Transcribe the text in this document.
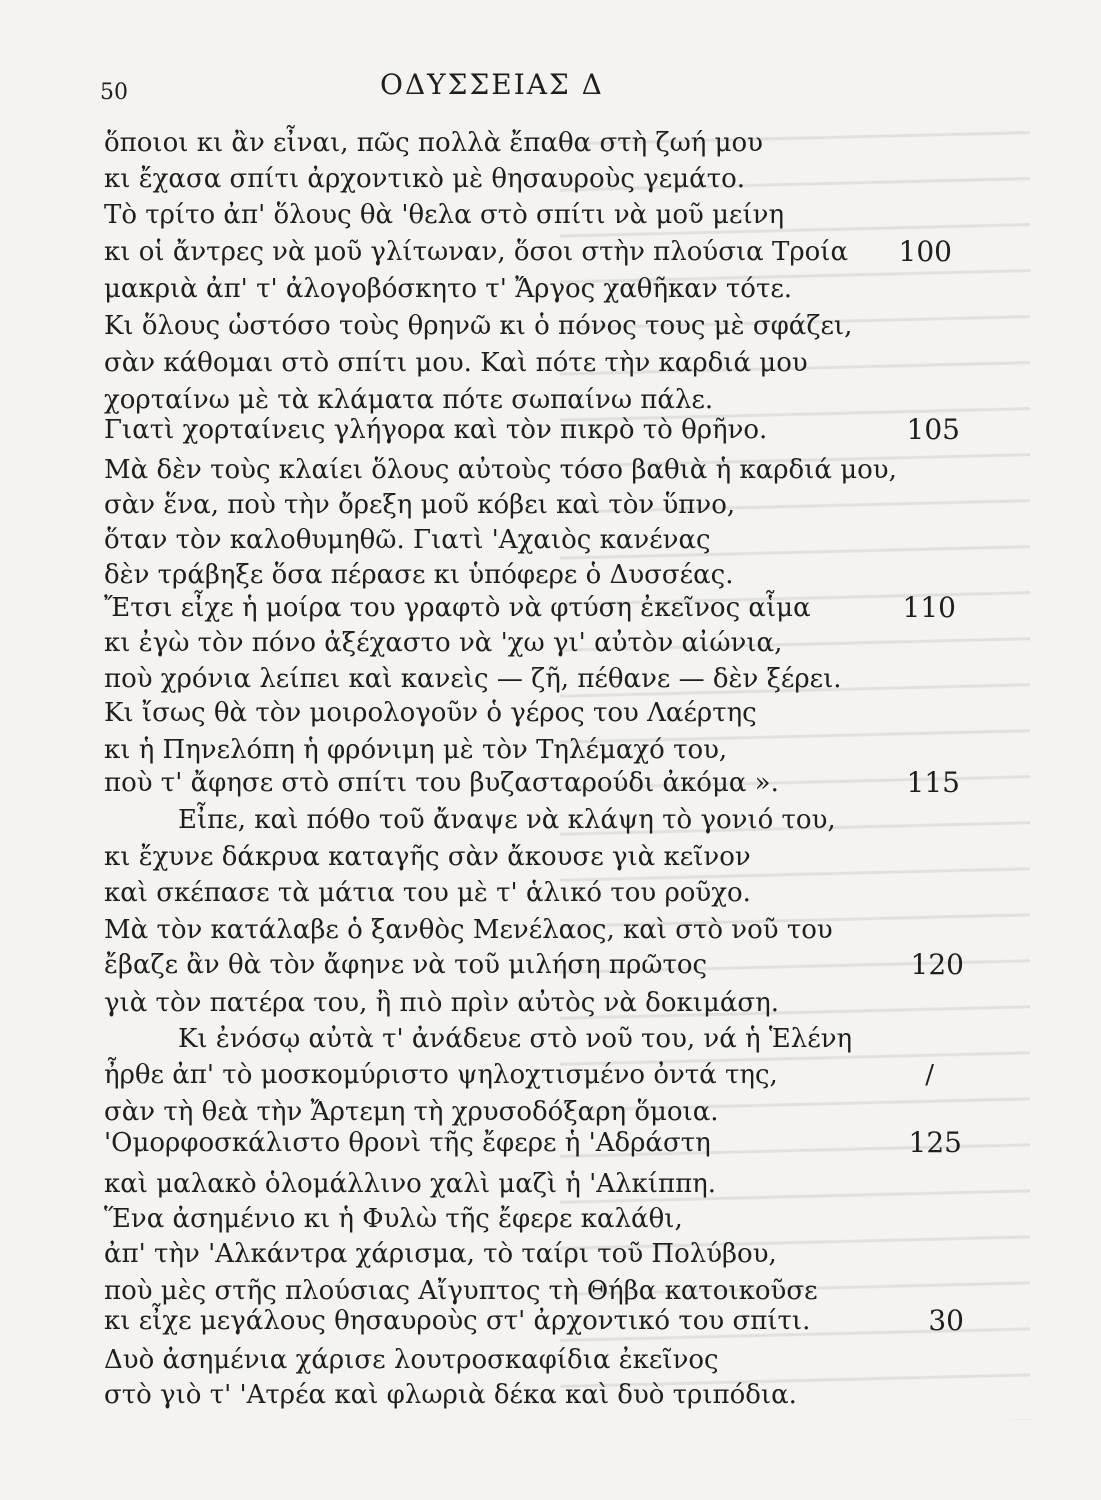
50	ΟΔΥΣΣΕΙΑΣ Δ
ὅποιοι κι ἂν εἶναι, πῶς πολλὰ ἔπαθα στὴ ζωή μου
κι ἔχασα σπίτι ἀρχοντικὸ μὲ θησαυροὺς γεμάτο.
Τὸ τρίτο ἀπ' ὅλους θὰ 'θελα στὸ σπίτι νὰ μοῦ μείνη
κι οἱ ἄντρες νὰ μοῦ γλίτωναν, ὅσοι στὴν πλούσια Τροία 100
μακριὰ ἀπ' τ' ἀλογοβόσκητο τ' Ἄργος χαθῆκαν τότε.
Κι ὅλους ὡστόσο τοὺς θρηνῶ κι ὁ πόνος τους μὲ σφάζει,
σὰν κάθομαι στὸ σπίτι μου. Καὶ πότε τὴν καρδιά μου
χορταίνω μὲ τὰ κλάματα πότε σωπαίνω πάλε.
Γιατὶ χορταίνεις γλήγορα καὶ τὸν πικρὸ τὸ θρῆνο.	105
Μὰ δὲν τοὺς κλαίει ὅλους αὐτοὺς τόσο βαθιὰ ἡ καρδιά μου,
σὰν ἕνα, ποὺ τὴν ὄρεξη μοῦ κόβει καὶ τὸν ὕπνο,
ὅταν τὸν καλοθυμηθῶ. Γιατὶ 'Αχαιὸς κανένας
δὲν τράβηξε ὅσα πέρασε κι ὑπόφερε ὁ Δυσσέας.
Ἔτσι εἶχε ἡ μοίρα του γραφτὸ νὰ φτύση ἐκεῖνος αἷμα	110
κι ἐγὼ τὸν πόνο ἀξέχαστο νὰ 'χω γι' αὐτὸν αἰώνια,
ποὺ χρόνια λείπει καὶ κανεὶς — ζῆ, πέθανε — δὲν ξέρει.
Κι ἴσως θὰ τὸν μοιρολογοῦν ὁ γέρος του Λαέρτης
κι ἡ Πηνελόπη ἡ φρόνιμη μὲ τὸν Τηλέμαχό του,
ποὺ τ' ἄφησε στὸ σπίτι του βυζασταρούδι ἀκόμα ».	115
Εἶπε, καὶ πόθο τοῦ ἄναψε νὰ κλάψη τὸ γονιό του,
κι ἔχυνε δάκρυα καταγῆς σὰν ἄκουσε γιὰ κεῖνον
καὶ σκέπασε τὰ μάτια του μὲ τ' ἁλικό του ροῦχο.
Μὰ τὸν κατάλαβε ὁ ξανθὸς Μενέλαος, καὶ στὸ νοῦ του
ἔβαζε ἂν θὰ τὸν ἄφηνε νὰ τοῦ μιλήση πρῶτος	120
γιὰ τὸν πατέρα του, ἢ πιὸ πρὶν αὐτὸς νὰ δοκιμάση.
Κι ἐνόσῳ αὐτὰ τ' ἀνάδευε στὸ νοῦ του, νά ἡ Ἑλένη
ἦρθε ἀπ' τὸ μοσκομύριστο ψηλοχτισμένο ὀντά της,	/
σὰν τὴ θεὰ τὴν Ἄρτεμη τὴ χρυσοδόξαρη ὅμοια.
'Ομορφοσκάλιστο θρονὶ τῆς ἔφερε ἡ 'Αδράστη	125
καὶ μαλακὸ ὁλομάλλινο χαλὶ μαζὶ ἡ 'Αλκίππη.
Ἕνα ἀσημένιο κι ἡ Φυλὼ τῆς ἔφερε καλάθι,
ἀπ' τὴν 'Αλκάντρα χάρισμα, τὸ ταίρι τοῦ Πολύβου,
ποὺ μὲς στῆς πλούσιας Αἴγυπτος τὴ Θήβα κατοικοῦσε
κι εἶχε μεγάλους θησαυροὺς στ' ἀρχοντικό του σπίτι.	30
Δυὸ ἀσημένια χάρισε λουτροσκαφίδια ἐκεῖνος
στὸ γιὸ τ' 'Ατρέα καὶ φλωριὰ δέκα καὶ δυὸ τριπόδια.
